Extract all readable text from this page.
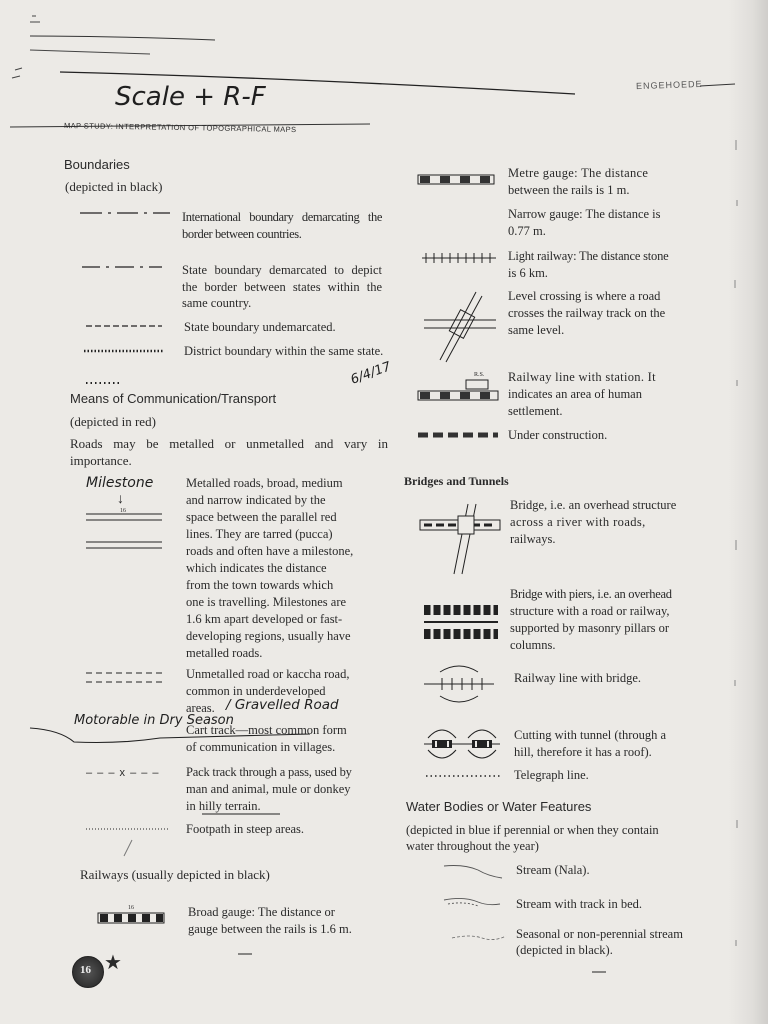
Scale + R-F	ENGEHOEDE
MAP STUDY: INTERPRETATION OF TOPOGRAPHICAL MAPS
Boundaries
(depicted in black)
International boundary demarcating the border between countries.
State boundary demarcated to depict the border between states within the same country.
State boundary undemarcated.
District boundary within the same state.
6/4/17
Means of Communication/Transport
(depicted in red)
Roads may be metalled or unmetalled and vary in importance.
Milestone
↓
16
Metalled roads, broad, medium
and narrow indicated by the
space between the parallel red
lines. They are tarred (pucca)
roads and often have a milestone,
which indicates the distance
from the town towards which
one is travelling. Milestones are
1.6 km apart developed or fast-
developing regions, usually have
metalled roads.
Unmetalled road or kaccha road,
common in underdeveloped
areas. / Gravelled Road
Motorable in Dry Season
Cart track—most common form
of communication in villages.
– – – x – – – Pack track through a pass, used by
man and animal, mule or donkey
in hilly terrain.
Footpath in steep areas.
Railways (usually depicted in black)
16	Broad gauge: The distance or
gauge between the rails is 1.6 m.
16 ★
Metre gauge: The distance
between the rails is 1 m.
Narrow gauge: The distance is
0.77 m.
Light railway: The distance stone
is 6 km.
Level crossing is where a road
crosses the railway track on the
same level.
R.S. Railway line with station. It
indicates an area of human
settlement.
Under construction.
Bridges and Tunnels
Bridge, i.e. an overhead structure
across a river with roads,
railways.
Bridge with piers, i.e. an overhead
structure with a road or railway,
supported by masonry pillars or
columns.
Railway line with bridge.
Cutting with tunnel (through a
hill, therefore it has a roof).
Telegraph line.
Water Bodies or Water Features
(depicted in blue if perennial or when they contain
water throughout the year)
Stream (Nala).
Stream with track in bed.
Seasonal or non-perennial stream
(depicted in black).
